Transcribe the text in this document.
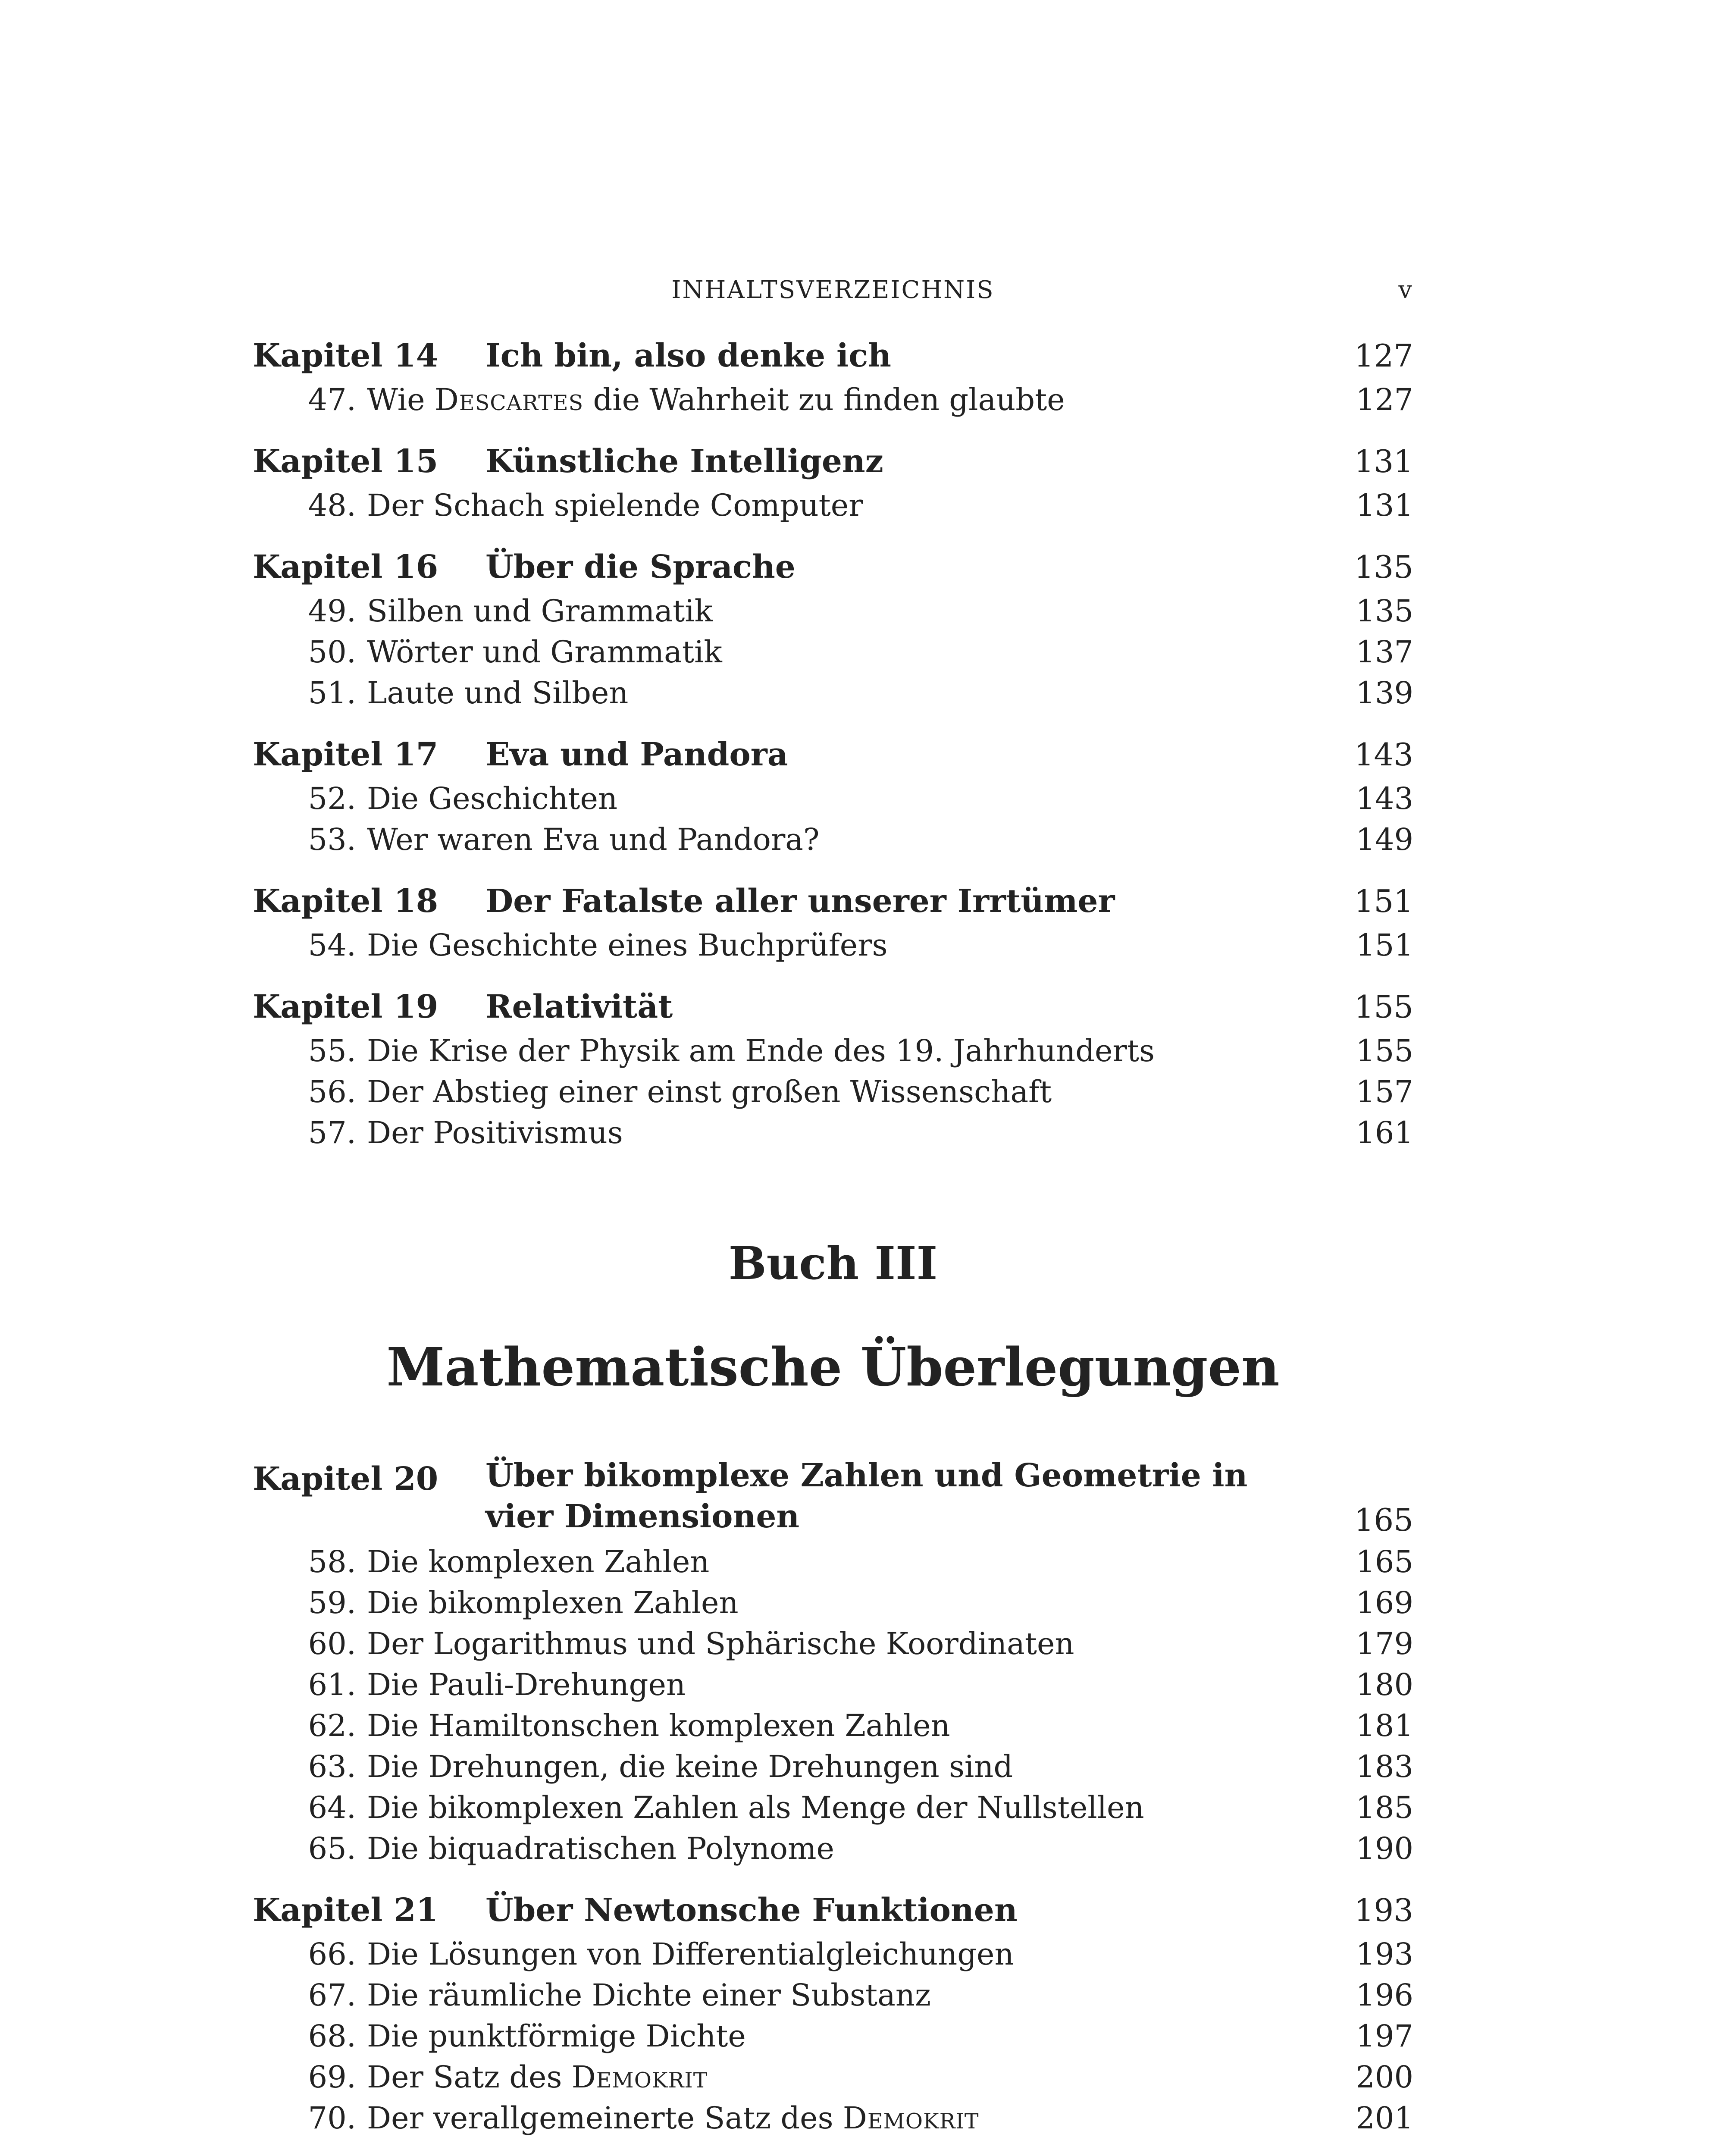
INHALTSVERZEICHNIS	v
Kapitel 14 Ich bin, also denke ich	127
47. Wie Descartes die Wahrheit zu finden glaubte	127
Kapitel 15 Künstliche Intelligenz	131
48. Der Schach spielende Computer	131
Kapitel 16 Über die Sprache	135
49. Silben und Grammatik	135
50. Wörter und Grammatik	137
51. Laute und Silben	139
Kapitel 17 Eva und Pandora	143
52. Die Geschichten	143
53. Wer waren Eva und Pandora?	149
Kapitel 18 Der Fatalste aller unserer Irrtümer	151
54. Die Geschichte eines Buchprüfers	151
Kapitel 19 Relativität	155
55. Die Krise der Physik am Ende des 19. Jahrhunderts	155
56. Der Abstieg einer einst großen Wissenschaft	157
57. Der Positivismus	161
Buch III
Mathematische Überlegungen
Kapitel 20 Über bikomplexe Zahlen und Geometrie in vier Dimensionen	165
58. Die komplexen Zahlen	165
59. Die bikomplexen Zahlen	169
60. Der Logarithmus und Sphärische Koordinaten	179
61. Die Pauli-Drehungen	180
62. Die Hamiltonschen komplexen Zahlen	181
63. Die Drehungen, die keine Drehungen sind	183
64. Die bikomplexen Zahlen als Menge der Nullstellen	185
65. Die biquadratischen Polynome	190
Kapitel 21 Über Newtonsche Funktionen	193
66. Die Lösungen von Differentialgleichungen	193
67. Die räumliche Dichte einer Substanz	196
68. Die punktförmige Dichte	197
69. Der Satz des Demokrit	200
70. Der verallgemeinerte Satz des Demokrit	201
